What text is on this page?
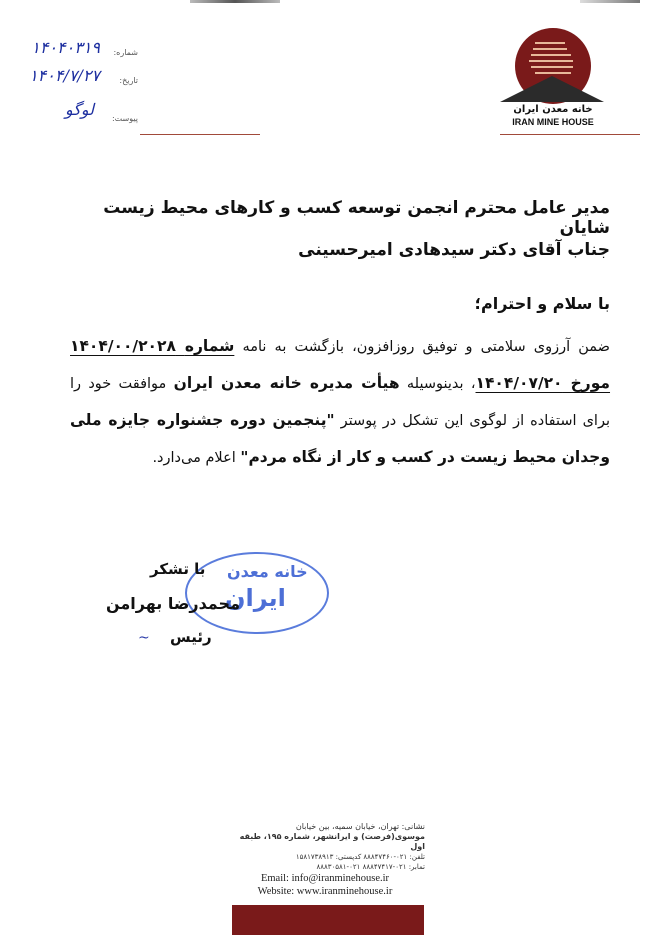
شماره:
۱۴۰۴۰۳۱۹
تاریخ:
۱۴۰۴/۷/۲۷
پیوست:
لوگو	خانه معدن ایران
IRAN MINE HOUSE
مدیر عامل محترم انجمن توسعه کسب و کارهای محیط زیست شایان
جناب آقای دکتر سیدهادی امیرحسینی
با سلام و احترام؛
ضمن آرزوی سلامتی و توفیق روزافزون، بازگشت به نامه شماره ۱۴۰۴/۰۰/۲۰۲۸ مورخ ۱۴۰۴/۰۷/۲۰، بدینوسیله هیأت مدیره خانه معدن ایران موافقت خود را برای استفاده از لوگوی این تشکل در پوستر "پنجمین دوره جشنواره جایزه ملی وجدان محیط زیست در کسب و کار از نگاه مردم" اعلام می‌دارد.
خانه معدن
ایران
با تشکر
محمدرضا بهرامن
رئیس
~
نشانی: تهران، خیابان سمیه، بین خیابان
موسوی(فرصت) و ایرانشهر، شماره ۱۹۵، طبقه اول
تلفن: ۰۲۱-۸۸۸۴۷۴۶۰ کدپستی: ۱۵۸۱۷۳۸۹۱۳
تمابر: ۰۲۱-۸۸۸۴۷۴۱۷ ۰۲۱-۸۸۸۳۰۵۸۱
Email: info@iranminehouse.ir
Website: www.iranminehouse.ir
